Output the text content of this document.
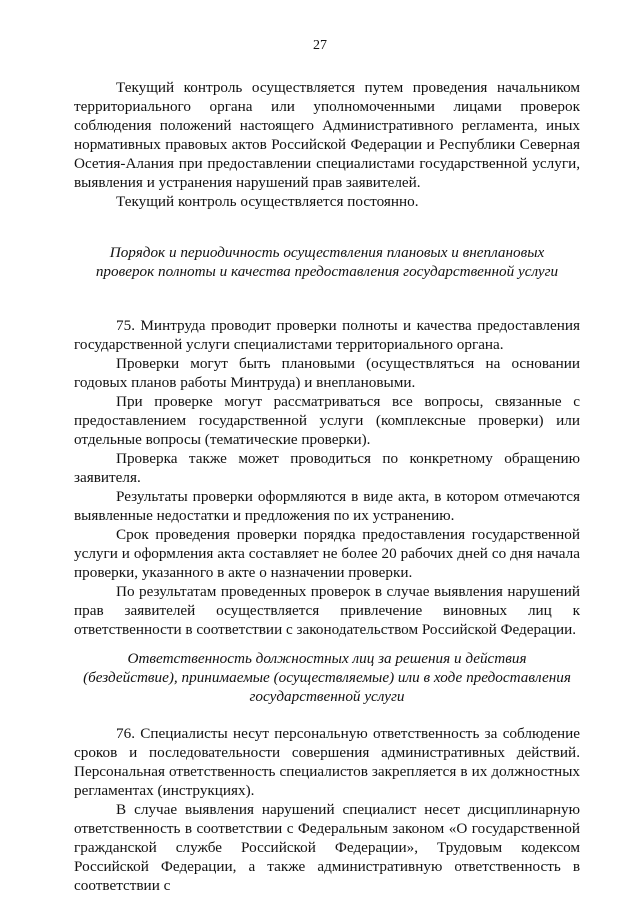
27

Текущий контроль осуществляется путем проведения начальником территориального органа или уполномоченными лицами проверок соблюдения положений настоящего Административного регламента, иных нормативных правовых актов Российской Федерации и Республики Северная Осетия-Алания при предоставлении специалистами государственной услуги, выявления и устранения нарушений прав заявителей.

Текущий контроль осуществляется постоянно.

Порядок и периодичность осуществления плановых и внеплановых
проверок полноты и качества предоставления государственной услуги

75. Минтруда проводит проверки полноты и качества предоставления государственной услуги специалистами территориального органа.

Проверки могут быть плановыми (осуществляться на основании годовых планов работы Минтруда) и внеплановыми.

При проверке могут рассматриваться все вопросы, связанные с предоставлением государственной услуги (комплексные проверки) или отдельные вопросы (тематические проверки).

Проверка также может проводиться по конкретному обращению заявителя.

Результаты проверки оформляются в виде акта, в котором отмечаются выявленные недостатки и предложения по их устранению.

Срок проведения проверки порядка предоставления государственной услуги и оформления акта составляет не более 20 рабочих дней со дня начала проверки, указанного в акте о назначении проверки.

По результатам проведенных проверок в случае выявления нарушений прав заявителей осуществляется привлечение виновных лиц к ответственности в соответствии с законодательством Российской Федерации.

Ответственность должностных лиц за решения и действия
(бездействие), принимаемые (осуществляемые) или в ходе предоставления
государственной услуги

76. Специалисты несут персональную ответственность за соблюдение сроков и последовательности совершения административных действий. Персональная ответственность специалистов закрепляется в их должностных регламентах (инструкциях).

В случае выявления нарушений специалист несет дисциплинарную ответственность в соответствии с Федеральным законом «О государственной гражданской службе Российской Федерации», Трудовым кодексом Российской Федерации, а также административную ответственность в соответствии с
